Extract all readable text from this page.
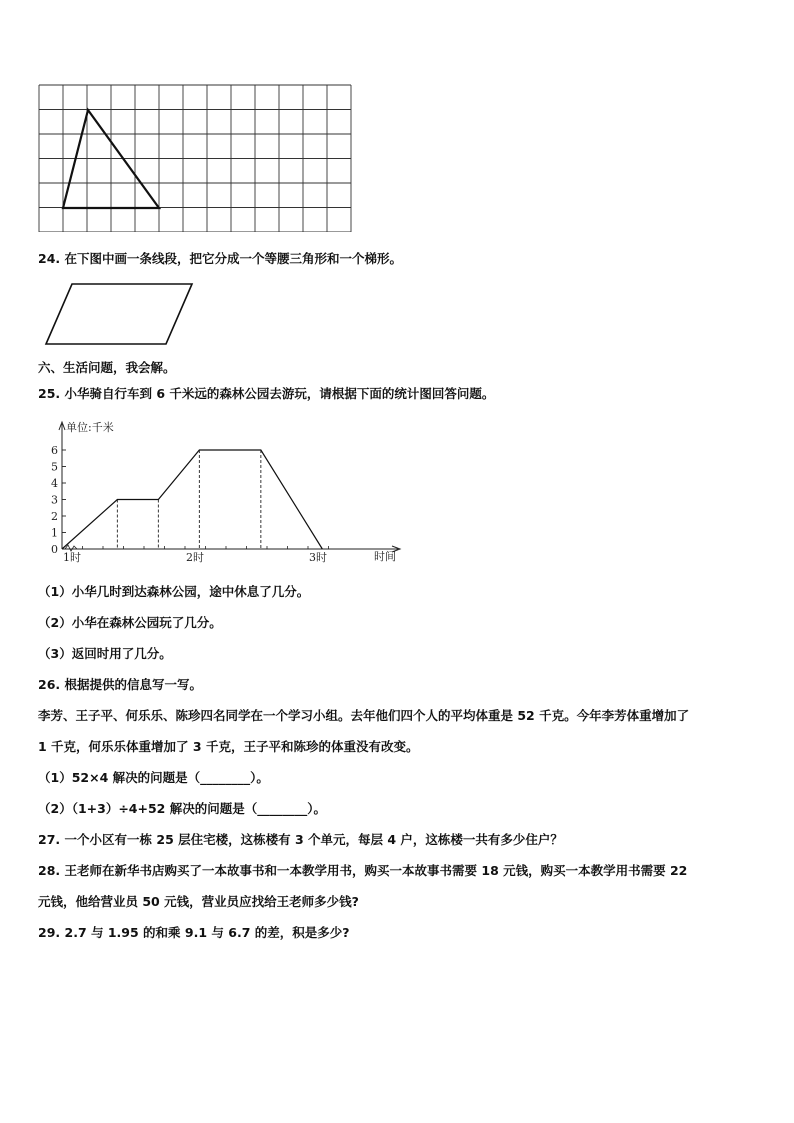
24. 在下图中画一条线段，把它分成一个等腰三角形和一个梯形。
六、生活问题，我会解。
25. 小华骑自行车到 6 千米远的森林公园去游玩，请根据下面的统计图回答问题。
单位:千米
时间
0
1
2
3
4
5
6
1时	2时	3时
（1）小华几时到达森林公园，途中休息了几分。
（2）小华在森林公园玩了几分。
（3）返回时用了几分。
26. 根据提供的信息写一写。
李芳、王子平、何乐乐、陈珍四名同学在一个学习小组。去年他们四个人的平均体重是 52 千克。今年李芳体重增加了
1 千克，何乐乐体重增加了 3 千克，王子平和陈珍的体重没有改变。
（1）52×4 解决的问题是（________）。
（2）（1+3）÷4+52 解决的问题是（________）。
27. 一个小区有一栋 25 层住宅楼，这栋楼有 3 个单元，每层 4 户，这栋楼一共有多少住户？
28. 王老师在新华书店购买了一本故事书和一本教学用书，购买一本故事书需要 18 元钱，购买一本教学用书需要 22
元钱，他给营业员 50 元钱，营业员应找给王老师多少钱?
29. 2.7 与 1.95 的和乘 9.1 与 6.7 的差，积是多少?
